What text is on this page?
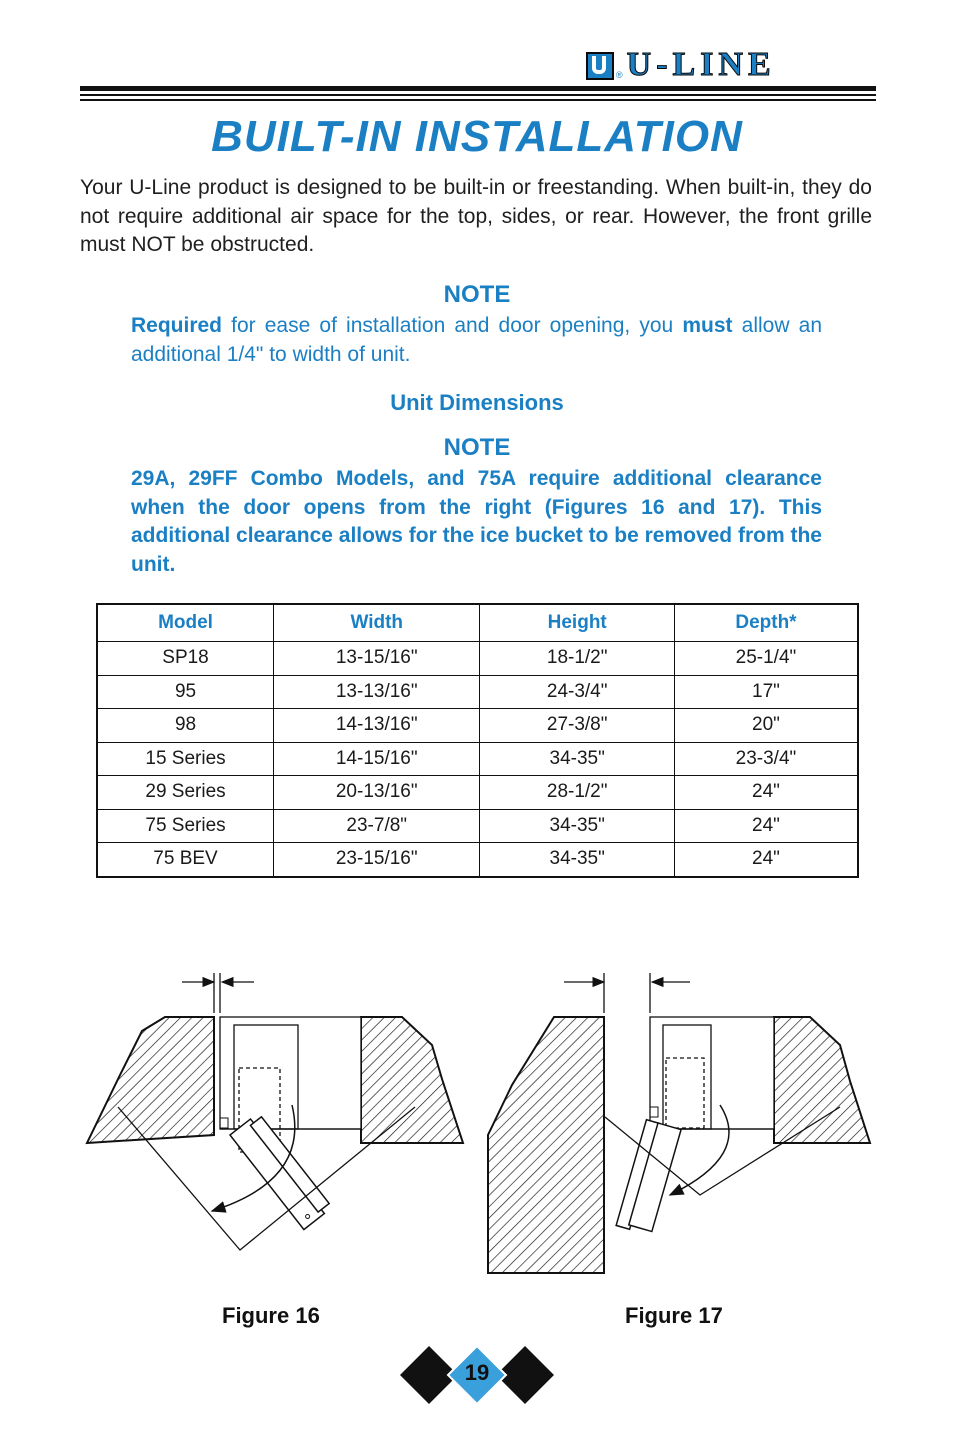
® U-LINE
BUILT-IN INSTALLATION
Your U-Line product is designed to be built-in or freestanding. When built-in, they do not require additional air space for the top, sides, or rear. However, the front grille must NOT be obstructed.
NOTE
Required for ease of installation and door opening, you must allow an additional 1/4" to width of unit.
Unit Dimensions
NOTE
29A, 29FF Combo Models, and 75A require additional clearance when the door opens from the right (Figures 16 and 17). This additional clearance allows for the ice bucket to be removed from the unit.
Model	Width	Height	Depth*
SP18	13-15/16"	18-1/2"	25-1/4"
95	13-13/16"	24-3/4"	17"
98	14-13/16"	27-3/8"	20"
15 Series	14-15/16"	34-35"	23-3/4"
29 Series	20-13/16"	28-1/2"	24"
75 Series	23-7/8"	34-35"	24"
75 BEV	23-15/16"	34-35"	24"
Figure 16	Figure 17
19
